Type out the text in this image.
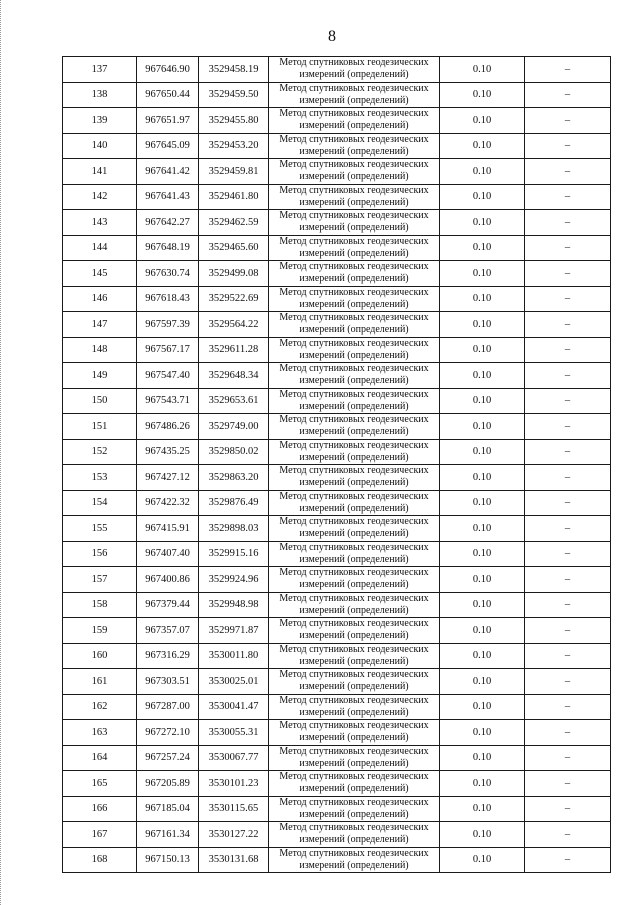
8
137	967646.90	3529458.19	Метод спутниковых геодезических измерений (определений)	0.10	–
138	967650.44	3529459.50	Метод спутниковых геодезических измерений (определений)	0.10	–
139	967651.97	3529455.80	Метод спутниковых геодезических измерений (определений)	0.10	–
140	967645.09	3529453.20	Метод спутниковых геодезических измерений (определений)	0.10	–
141	967641.42	3529459.81	Метод спутниковых геодезических измерений (определений)	0.10	–
142	967641.43	3529461.80	Метод спутниковых геодезических измерений (определений)	0.10	–
143	967642.27	3529462.59	Метод спутниковых геодезических измерений (определений)	0.10	–
144	967648.19	3529465.60	Метод спутниковых геодезических измерений (определений)	0.10	–
145	967630.74	3529499.08	Метод спутниковых геодезических измерений (определений)	0.10	–
146	967618.43	3529522.69	Метод спутниковых геодезических измерений (определений)	0.10	–
147	967597.39	3529564.22	Метод спутниковых геодезических измерений (определений)	0.10	–
148	967567.17	3529611.28	Метод спутниковых геодезических измерений (определений)	0.10	–
149	967547.40	3529648.34	Метод спутниковых геодезических измерений (определений)	0.10	–
150	967543.71	3529653.61	Метод спутниковых геодезических измерений (определений)	0.10	–
151	967486.26	3529749.00	Метод спутниковых геодезических измерений (определений)	0.10	–
152	967435.25	3529850.02	Метод спутниковых геодезических измерений (определений)	0.10	–
153	967427.12	3529863.20	Метод спутниковых геодезических измерений (определений)	0.10	–
154	967422.32	3529876.49	Метод спутниковых геодезических измерений (определений)	0.10	–
155	967415.91	3529898.03	Метод спутниковых геодезических измерений (определений)	0.10	–
156	967407.40	3529915.16	Метод спутниковых геодезических измерений (определений)	0.10	–
157	967400.86	3529924.96	Метод спутниковых геодезических измерений (определений)	0.10	–
158	967379.44	3529948.98	Метод спутниковых геодезических измерений (определений)	0.10	–
159	967357.07	3529971.87	Метод спутниковых геодезических измерений (определений)	0.10	–
160	967316.29	3530011.80	Метод спутниковых геодезических измерений (определений)	0.10	–
161	967303.51	3530025.01	Метод спутниковых геодезических измерений (определений)	0.10	–
162	967287.00	3530041.47	Метод спутниковых геодезических измерений (определений)	0.10	–
163	967272.10	3530055.31	Метод спутниковых геодезических измерений (определений)	0.10	–
164	967257.24	3530067.77	Метод спутниковых геодезических измерений (определений)	0.10	–
165	967205.89	3530101.23	Метод спутниковых геодезических измерений (определений)	0.10	–
166	967185.04	3530115.65	Метод спутниковых геодезических измерений (определений)	0.10	–
167	967161.34	3530127.22	Метод спутниковых геодезических измерений (определений)	0.10	–
168	967150.13	3530131.68	Метод спутниковых геодезических измерений (определений)	0.10	–
